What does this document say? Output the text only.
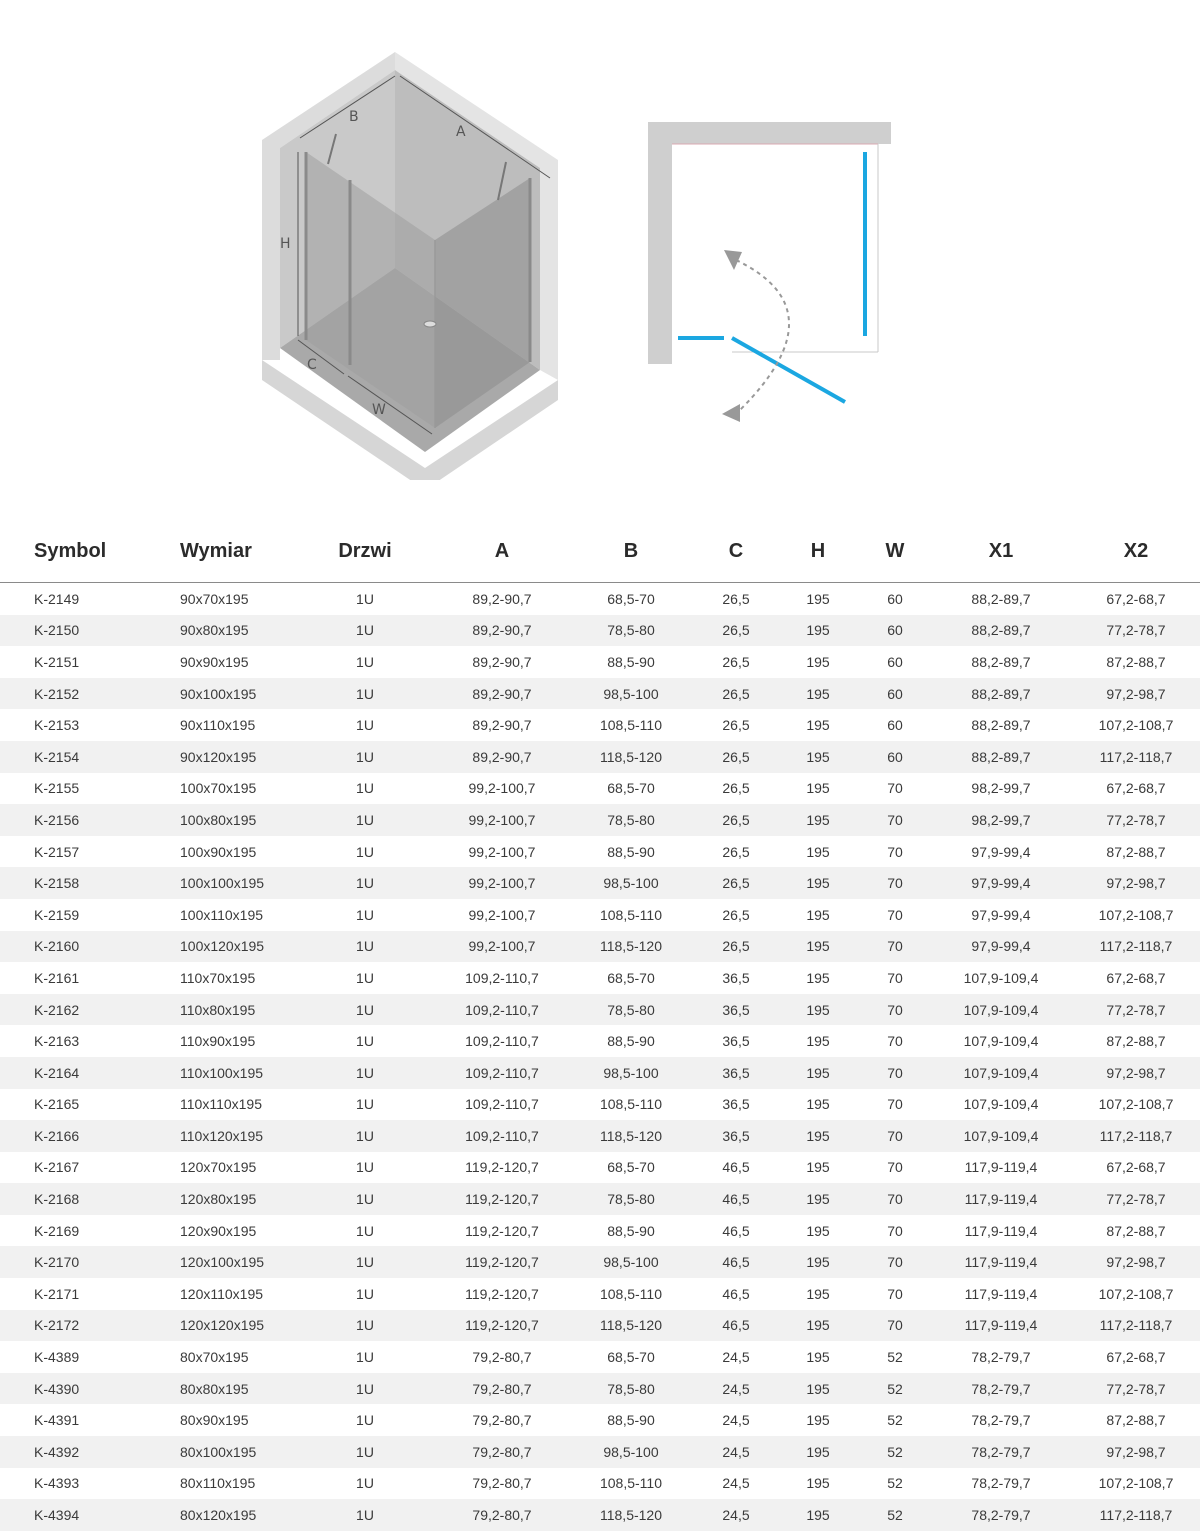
B
A
H
C
W
Symbol	Wymiar	Drzwi	A	B	C	H	W	X1	X2
K-2149	90x70x195	1U	89,2-90,7	68,5-70	26,5	195	60	88,2-89,7	67,2-68,7
K-2150	90x80x195	1U	89,2-90,7	78,5-80	26,5	195	60	88,2-89,7	77,2-78,7
K-2151	90x90x195	1U	89,2-90,7	88,5-90	26,5	195	60	88,2-89,7	87,2-88,7
K-2152	90x100x195	1U	89,2-90,7	98,5-100	26,5	195	60	88,2-89,7	97,2-98,7
K-2153	90x110x195	1U	89,2-90,7	108,5-110	26,5	195	60	88,2-89,7	107,2-108,7
K-2154	90x120x195	1U	89,2-90,7	118,5-120	26,5	195	60	88,2-89,7	117,2-118,7
K-2155	100x70x195	1U	99,2-100,7	68,5-70	26,5	195	70	98,2-99,7	67,2-68,7
K-2156	100x80x195	1U	99,2-100,7	78,5-80	26,5	195	70	98,2-99,7	77,2-78,7
K-2157	100x90x195	1U	99,2-100,7	88,5-90	26,5	195	70	97,9-99,4	87,2-88,7
K-2158	100x100x195	1U	99,2-100,7	98,5-100	26,5	195	70	97,9-99,4	97,2-98,7
K-2159	100x110x195	1U	99,2-100,7	108,5-110	26,5	195	70	97,9-99,4	107,2-108,7
K-2160	100x120x195	1U	99,2-100,7	118,5-120	26,5	195	70	97,9-99,4	117,2-118,7
K-2161	110x70x195	1U	109,2-110,7	68,5-70	36,5	195	70	107,9-109,4	67,2-68,7
K-2162	110x80x195	1U	109,2-110,7	78,5-80	36,5	195	70	107,9-109,4	77,2-78,7
K-2163	110x90x195	1U	109,2-110,7	88,5-90	36,5	195	70	107,9-109,4	87,2-88,7
K-2164	110x100x195	1U	109,2-110,7	98,5-100	36,5	195	70	107,9-109,4	97,2-98,7
K-2165	110x110x195	1U	109,2-110,7	108,5-110	36,5	195	70	107,9-109,4	107,2-108,7
K-2166	110x120x195	1U	109,2-110,7	118,5-120	36,5	195	70	107,9-109,4	117,2-118,7
K-2167	120x70x195	1U	119,2-120,7	68,5-70	46,5	195	70	117,9-119,4	67,2-68,7
K-2168	120x80x195	1U	119,2-120,7	78,5-80	46,5	195	70	117,9-119,4	77,2-78,7
K-2169	120x90x195	1U	119,2-120,7	88,5-90	46,5	195	70	117,9-119,4	87,2-88,7
K-2170	120x100x195	1U	119,2-120,7	98,5-100	46,5	195	70	117,9-119,4	97,2-98,7
K-2171	120x110x195	1U	119,2-120,7	108,5-110	46,5	195	70	117,9-119,4	107,2-108,7
K-2172	120x120x195	1U	119,2-120,7	118,5-120	46,5	195	70	117,9-119,4	117,2-118,7
K-4389	80x70x195	1U	79,2-80,7	68,5-70	24,5	195	52	78,2-79,7	67,2-68,7
K-4390	80x80x195	1U	79,2-80,7	78,5-80	24,5	195	52	78,2-79,7	77,2-78,7
K-4391	80x90x195	1U	79,2-80,7	88,5-90	24,5	195	52	78,2-79,7	87,2-88,7
K-4392	80x100x195	1U	79,2-80,7	98,5-100	24,5	195	52	78,2-79,7	97,2-98,7
K-4393	80x110x195	1U	79,2-80,7	108,5-110	24,5	195	52	78,2-79,7	107,2-108,7
K-4394	80x120x195	1U	79,2-80,7	118,5-120	24,5	195	52	78,2-79,7	117,2-118,7
